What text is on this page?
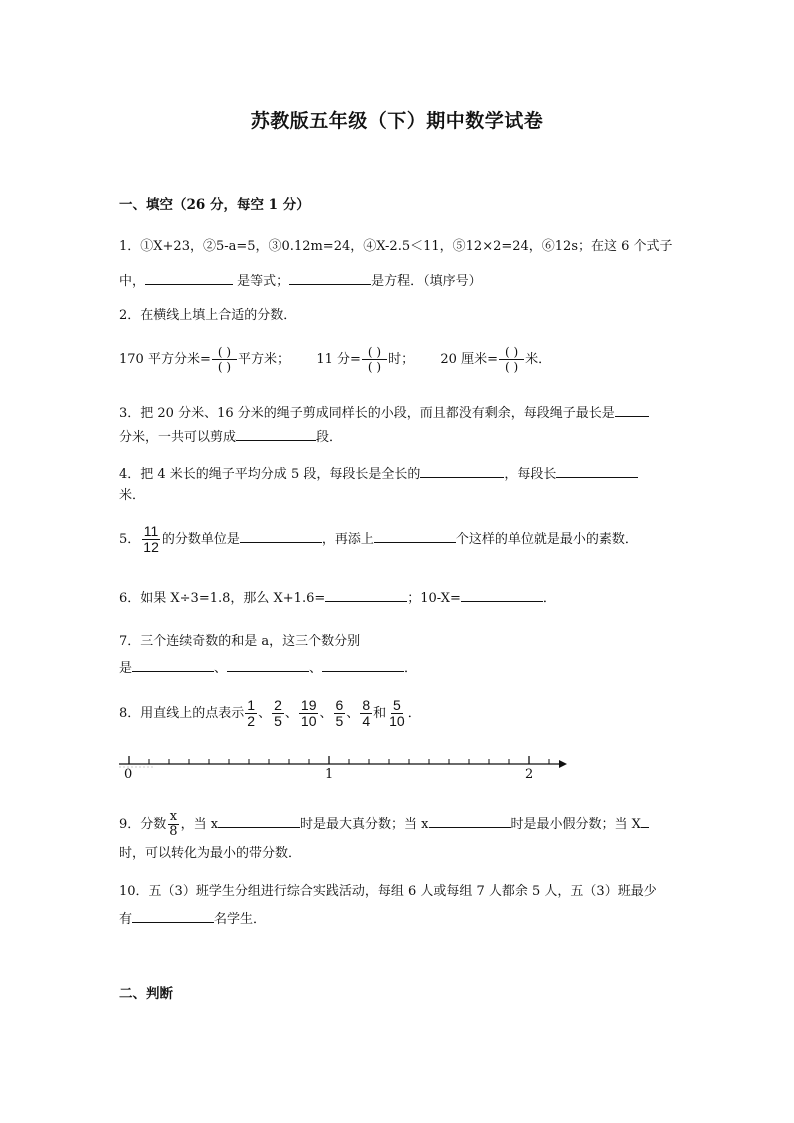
苏教版五年级（下）期中数学试卷
一、填空（26 分，每空 1 分）
1．①X+23，②5-a=5，③0.12m=24，④X-2.5＜11，⑤12×2=24，⑥12s；在这 6 个式子
中，	是等式；	是方程．（填序号）
2．在横线上填上合适的分数．
170 平方分米= $\frac{( )}{( )}$ 平方米； 11 分= $\frac{( )}{( )}$ 时； 20 厘米= $\frac{( )}{( )}$ 米．
3．把 20 分米、16 分米的绳子剪成同样长的小段，而且都没有剩余，每段绳子最长是
分米，一共可以剪成	段．
4．把 4 米长的绳子平均分成 5 段，每段长是全长的	，每段长
米．
5． $\frac{11}{12}$ 的分数单位是	，再添上	个这样的单位就是最小的素数．
6．如果 X÷3=1.8，那么 X+1.6=	；10-X=	．
7．三个连续奇数的和是 a，这三个数分别
是	、	、	．
8．用直线上的点表示 $\frac{1}{2}$ 、 $\frac{2}{5}$ 、 $\frac{19}{10}$ 、 $\frac{6}{5}$ 、 $\frac{8}{4}$ 和 $\frac{5}{10}$ ．
0	1	2
9．分数 $\frac{x}{8}$ ，当 x	时是最大真分数；当 x	时是最小假分数；当 X
时，可以转化为最小的带分数．
10．五（3）班学生分组进行综合实践活动，每组 6 人或每组 7 人都余 5 人，五（3）班最少
有	名学生．
二、判断
